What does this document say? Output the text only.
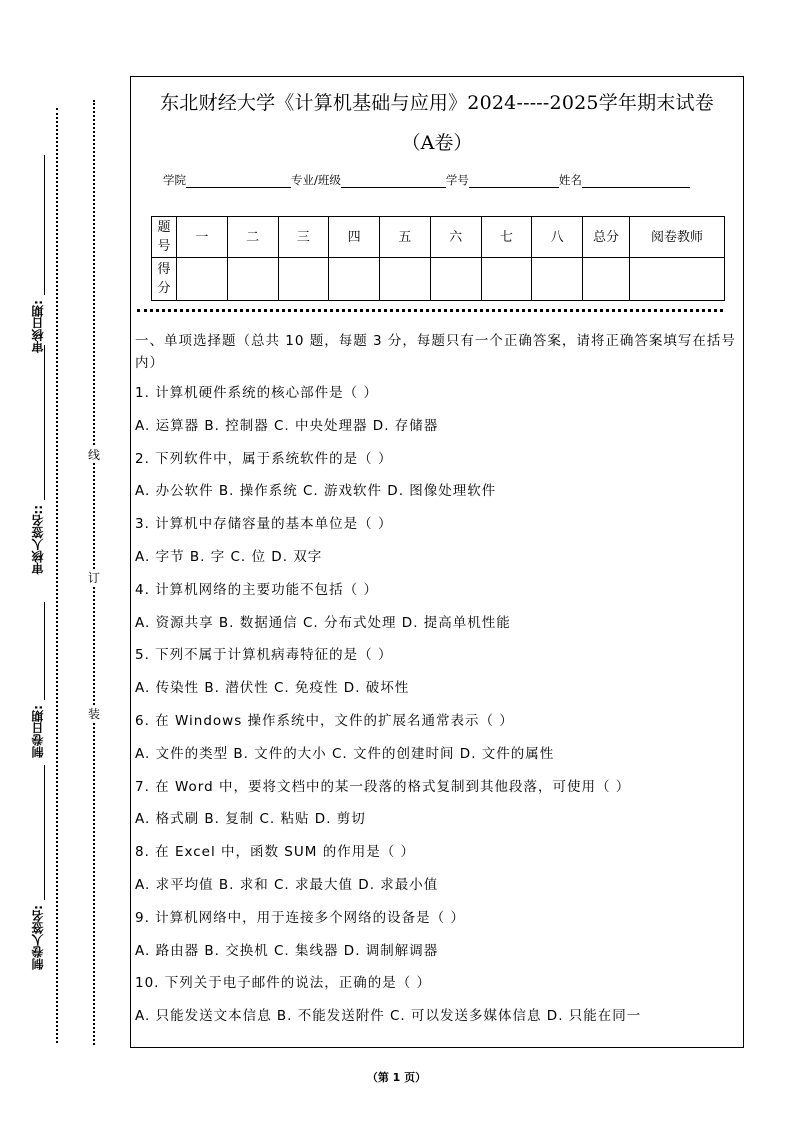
审核日期:
审核人签名::
制卷日期:
制卷人签名:
线
订
装
东北财经大学《计算机基础与应用》2024-----2025学年期末试卷
（A卷）
学院	专业/班级	学号	姓名
题号	一	二	三	四	五	六	七	八	总分	阅卷教师
得分										
一、单项选择题（总共 10 题，每题 3 分，每题只有一个正确答案，请将正确答案填写在括号内）
1. 计算机硬件系统的核心部件是（ ）
A. 运算器 B. 控制器 C. 中央处理器 D. 存储器
2. 下列软件中，属于系统软件的是（ ）
A. 办公软件 B. 操作系统 C. 游戏软件 D. 图像处理软件
3. 计算机中存储容量的基本单位是（ ）
A. 字节 B. 字 C. 位 D. 双字
4. 计算机网络的主要功能不包括（ ）
A. 资源共享 B. 数据通信 C. 分布式处理 D. 提高单机性能
5. 下列不属于计算机病毒特征的是（ ）
A. 传染性 B. 潜伏性 C. 免疫性 D. 破坏性
6. 在 Windows 操作系统中，文件的扩展名通常表示（ ）
A. 文件的类型 B. 文件的大小 C. 文件的创建时间 D. 文件的属性
7. 在 Word 中，要将文档中的某一段落的格式复制到其他段落，可使用（ ）
A. 格式刷 B. 复制 C. 粘贴 D. 剪切
8. 在 Excel 中，函数 SUM 的作用是（ ）
A. 求平均值 B. 求和 C. 求最大值 D. 求最小值
9. 计算机网络中，用于连接多个网络的设备是（ ）
A. 路由器 B. 交换机 C. 集线器 D. 调制解调器
10. 下列关于电子邮件的说法，正确的是（ ）
A. 只能发送文本信息 B. 不能发送附件 C. 可以发送多媒体信息 D. 只能在同一
（第 1 页）
